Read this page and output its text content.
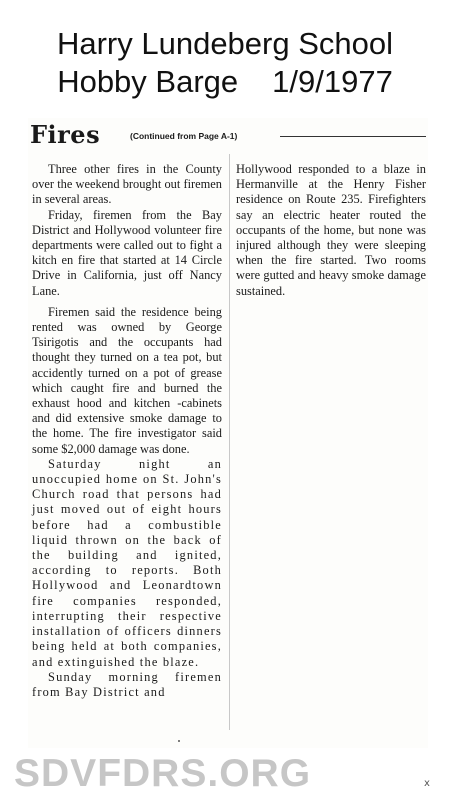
Harry Lundeberg School
Hobby Barge 1/9/1977
Fires	(Continued from Page A-1)

Three other fires in the County over the weekend brought out firemen in several areas.

Friday, firemen from the Bay District and Hollywood volunteer fire departments were called out to fight a kitch en fire that started at 14 Circle Drive in California, just off Nancy Lane.

Firemen said the residence being rented was owned by George Tsirigotis and the occupants had thought they turned on a tea pot, but accidently turned on a pot of grease which caught fire and burned the exhaust hood and kitchen -cabinets and did extensive smoke damage to the home. The fire investigator said some $2,000 damage was done.

Saturday night an unoccupied home on St. John's Church road that persons had just moved out of eight hours before had a combustible liquid thrown on the back of the building and ignited, according to reports. Both Hollywood and Leonardtown fire companies responded, interrupting their respective installation of officers dinners being held at both companies, and extinguished the blaze.

Sunday morning firemen from Bay District and

Hollywood responded to a blaze in Hermanville at the Henry Fisher residence on Route 235. Firefighters say an electric heater routed the occupants of the home, but none was injured although they were sleeping when the fire started. Two rooms were gutted and heavy smoke damage sustained.

SDVFDRS.ORG	x
